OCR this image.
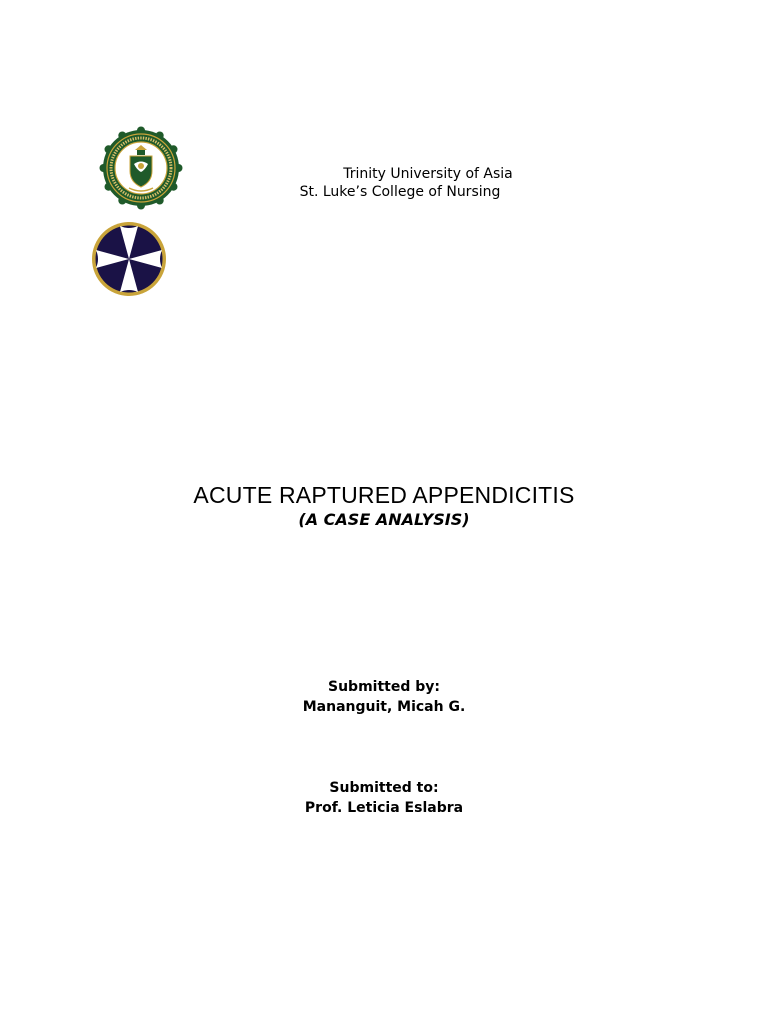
Trinity University of Asia
St. Luke’s College of Nursing
ACUTE RAPTURED APPENDICITIS
(A CASE ANALYSIS)
Submitted by:
Mananguit, Micah G.
Submitted to:
Prof. Leticia Eslabra
